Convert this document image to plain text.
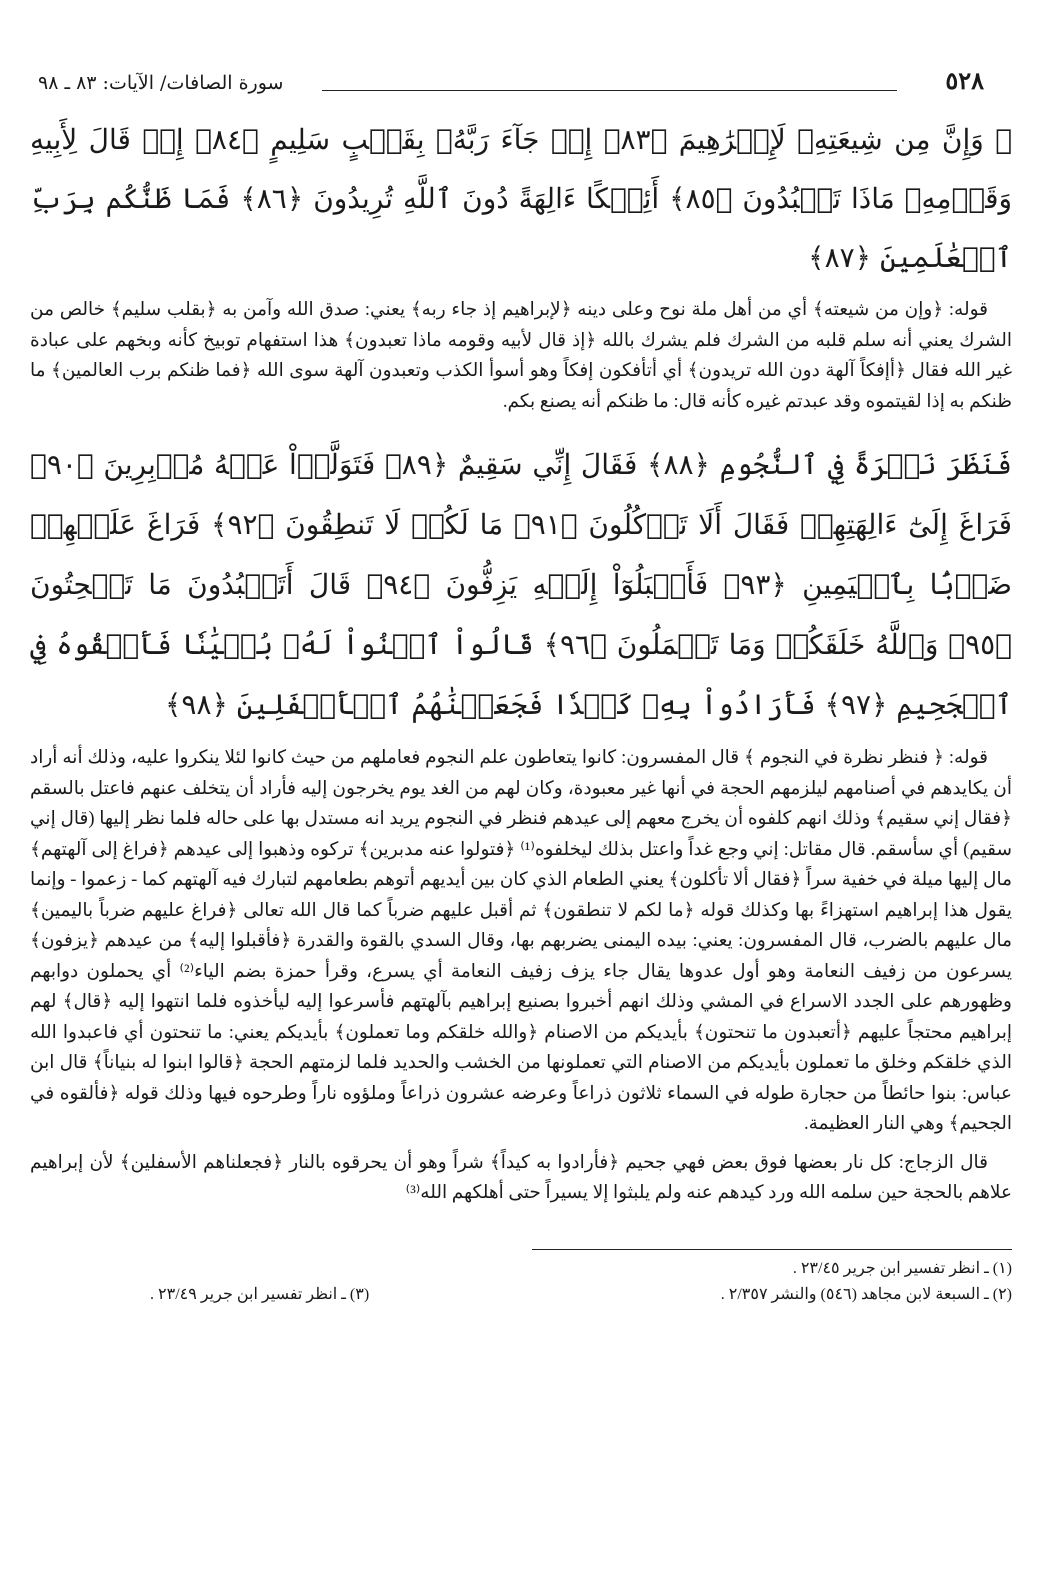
٥٢٨
سورة الصافات/ الآيات: ٨٣ ـ ٩٨
۞ وَإِنَّ مِن شِيعَتِهِۦ لَإِبۡرَٰهِيمَ ﴿٨٣﴾ إِذۡ جَآءَ رَبَّهُۥ بِقَلۡبٍ سَلِيمٍ ﴿٨٤﴾ إِذۡ قَالَ لِأَبِيهِ وَقَوۡمِهِۦ مَاذَا تَعۡبُدُونَ ﴿٨٥﴾ أَئِفۡكًا ءَالِهَةً دُونَ ٱللَّهِ تُرِيدُونَ ﴿٨٦﴾ فَمَا ظَنُّكُم بِرَبِّ ٱلۡعَٰلَمِينَ ﴿٨٧﴾

قوله: ﴿وإن من شيعته﴾ أي من أهل ملة نوح وعلى دينه ﴿لإبراهيم إذ جاء ربه﴾ يعني: صدق الله وآمن به ﴿بقلب سليم﴾ خالص من الشرك يعني أنه سلم قلبه من الشرك فلم يشرك بالله ﴿إذ قال لأبيه وقومه ماذا تعبدون﴾ هذا استفهام توبيخ كأنه وبخهم على عبادة غير الله فقال ﴿أإفكاً آلهة دون الله تريدون﴾ أي أتأفكون إفكاً وهو أسوأ الكذب وتعبدون آلهة سوى الله ﴿فما ظنكم برب العالمين﴾ ما ظنكم به إذا لقيتموه وقد عبدتم غيره كأنه قال: ما ظنكم أنه يصنع بكم.

فَنَظَرَ نَظۡرَةً فِي ٱلنُّجُومِ ﴿٨٨﴾ فَقَالَ إِنِّي سَقِيمٌ ﴿٨٩﴾ فَتَوَلَّوۡاْ عَنۡهُ مُدۡبِرِينَ ﴿٩٠﴾ فَرَاغَ إِلَىٰٓ ءَالِهَتِهِمۡ فَقَالَ أَلَا تَأۡكُلُونَ ﴿٩١﴾ مَا لَكُمۡ لَا تَنطِقُونَ ﴿٩٢﴾ فَرَاغَ عَلَيۡهِمۡ ضَرۡبَۢا بِٱلۡيَمِينِ ﴿٩٣﴾ فَأَقۡبَلُوٓاْ إِلَيۡهِ يَزِفُّونَ ﴿٩٤﴾ قَالَ أَتَعۡبُدُونَ مَا تَنۡحِتُونَ ﴿٩٥﴾ وَٱللَّهُ خَلَقَكُمۡ وَمَا تَعۡمَلُونَ ﴿٩٦﴾ قَالُواْ ٱبۡنُواْ لَهُۥ بُنۡيَٰنٗا فَأَلۡقُوهُ فِي ٱلۡجَحِيمِ ﴿٩٧﴾ فَأَرَادُواْ بِهِۦ كَيۡدٗا فَجَعَلۡنَٰهُمُ ٱلۡأَسۡفَلِينَ ﴿٩٨﴾

قوله: ﴿ فنظر نظرة في النجوم ﴾ قال المفسرون: كانوا يتعاطون علم النجوم فعاملهم من حيث كانوا لئلا ينكروا عليه، وذلك أنه أراد أن يكايدهم في أصنامهم ليلزمهم الحجة في أنها غير معبودة، وكان لهم من الغد يوم يخرجون إليه فأراد أن يتخلف عنهم فاعتل بالسقم ﴿فقال إني سقيم﴾ وذلك انهم كلفوه أن يخرج معهم إلى عيدهم فنظر في النجوم يريد انه مستدل بها على حاله فلما نظر إليها (قال إني سقيم) أي سأسقم. قال مقاتل: إني وجع غداً واعتل بذلك ليخلفوه⁽¹⁾ ﴿فتولوا عنه مدبرين﴾ تركوه وذهبوا إلى عيدهم ﴿فراغ إلى آلهتهم﴾ مال إليها ميلة في خفية سراً ﴿فقال ألا تأكلون﴾ يعني الطعام الذي كان بين أيديهم أتوهم بطعامهم لتبارك فيه آلهتهم كما - زعموا - وإنما يقول هذا إبراهيم استهزاءً بها وكذلك قوله ﴿ما لكم لا تنطقون﴾ ثم أقبل عليهم ضرباً كما قال الله تعالى ﴿فراغ عليهم ضرباً باليمين﴾ مال عليهم بالضرب، قال المفسرون: يعني: بيده اليمنى يضربهم بها، وقال السدي بالقوة والقدرة ﴿فأقبلوا إليه﴾ من عيدهم ﴿يزفون﴾ يسرعون من زفيف النعامة وهو أول عدوها يقال جاء يزف زفيف النعامة أي يسرع، وقرأ حمزة بضم الياء⁽²⁾ أي يحملون دوابهم وظهورهم على الجدد الاسراع في المشي وذلك انهم أخبروا بصنيع إبراهيم بآلهتهم فأسرعوا إليه ليأخذوه فلما انتهوا إليه ﴿قال﴾ لهم إبراهيم محتجاً عليهم ﴿أتعبدون ما تنحتون﴾ بأيديكم من الاصنام ﴿والله خلقكم وما تعملون﴾ بأيديكم يعني: ما تنحتون أي فاعبدوا الله الذي خلقكم وخلق ما تعملون بأيديكم من الاصنام التي تعملونها من الخشب والحديد فلما لزمتهم الحجة ﴿قالوا ابنوا له بنياناً﴾ قال ابن عباس: بنوا حائطاً من حجارة طوله في السماء ثلاثون ذراعاً وعرضه عشرون ذراعاً وملؤوه ناراً وطرحوه فيها وذلك قوله ﴿فألقوه في الجحيم﴾ وهي النار العظيمة.

قال الزجاج: كل نار بعضها فوق بعض فهي جحيم ﴿فأرادوا به كيداً﴾ شراً وهو أن يحرقوه بالنار ﴿فجعلناهم الأسفلين﴾ لأن إبراهيم علاهم بالحجة حين سلمه الله ورد كيدهم عنه ولم يلبثوا إلا يسيراً حتى أهلكهم الله⁽³⁾

(١) ـ انظر تفسير ابن جرير ٢٣/٤٥ .
(٢) ـ السبعة لابن مجاهد (٥٤٦) والنشر ٢/٣٥٧ .
(٣) ـ انظر تفسير ابن جرير ٢٣/٤٩ .
